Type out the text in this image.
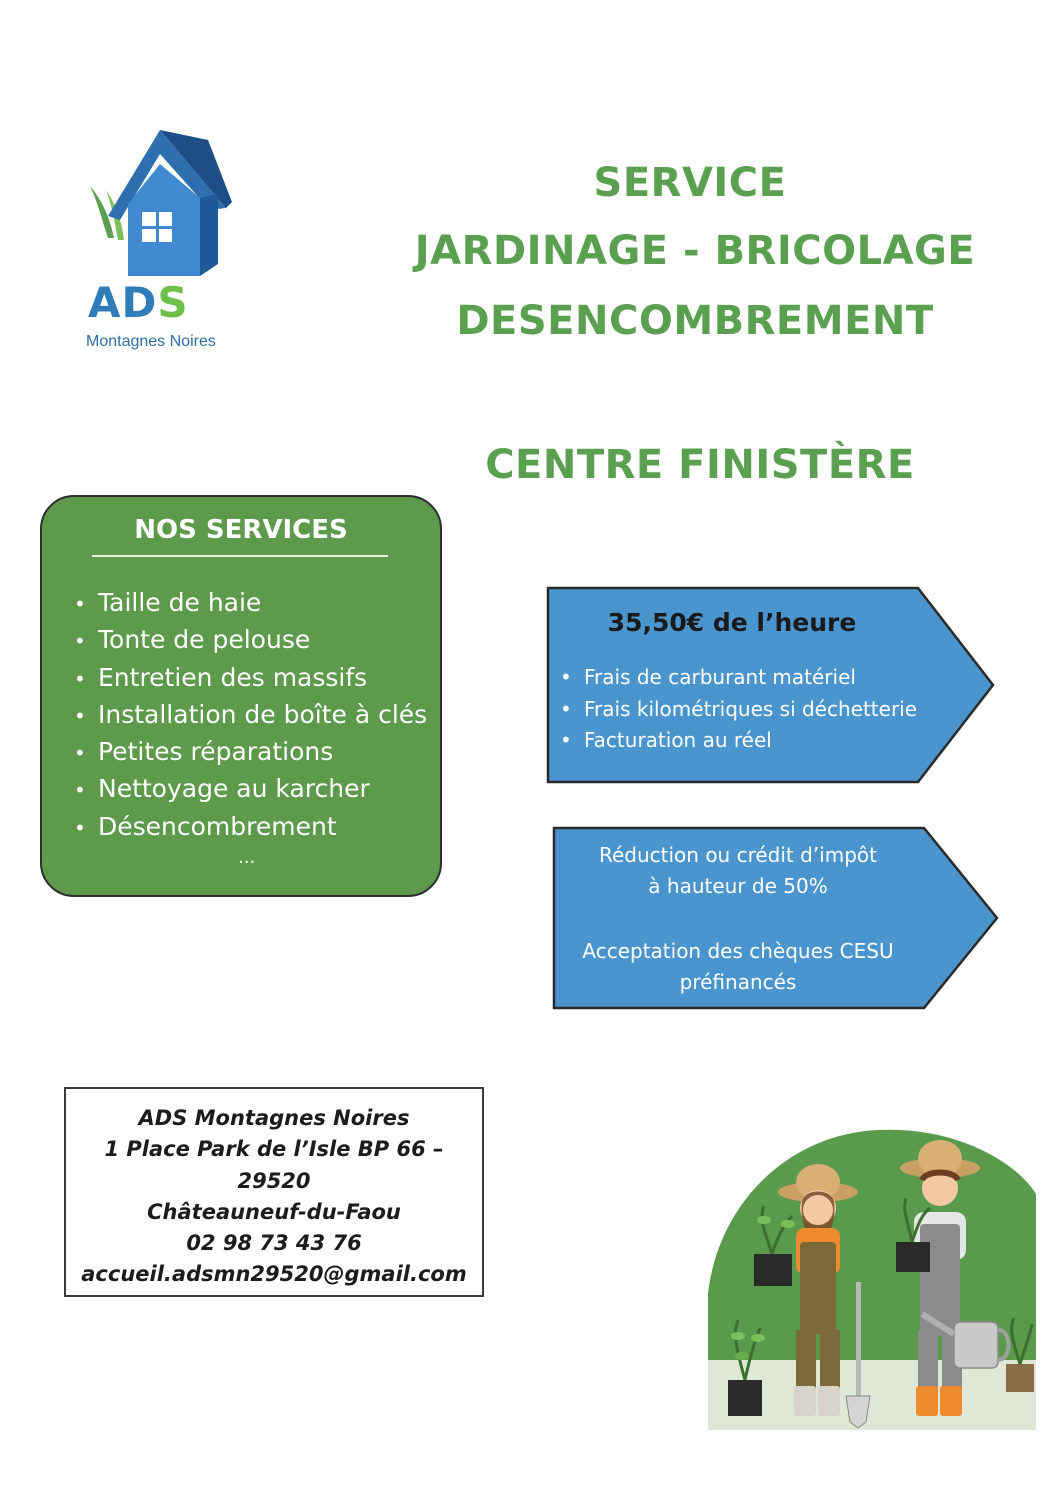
ADS
Montagnes Noires
SERVICE
JARDINAGE - BRICOLAGE
DESENCOMBREMENT
CENTRE FINISTÈRE
NOS SERVICES
• Taille de haie
• Tonte de pelouse
• Entretien des massifs
• Installation de boîte à clés
• Petites réparations
• Nettoyage au karcher
• Désencombrement
...
35,50€ de l’heure
• Frais de carburant matériel
• Frais kilométriques si déchetterie
• Facturation au réel
Réduction ou crédit d’impôt
à hauteur de 50%
Acceptation des chèques CESU
préfinancés
ADS Montagnes Noires
1 Place Park de l’Isle BP 66 – 29520
Châteauneuf-du-Faou
02 98 73 43 76
accueil.adsmn29520@gmail.com
